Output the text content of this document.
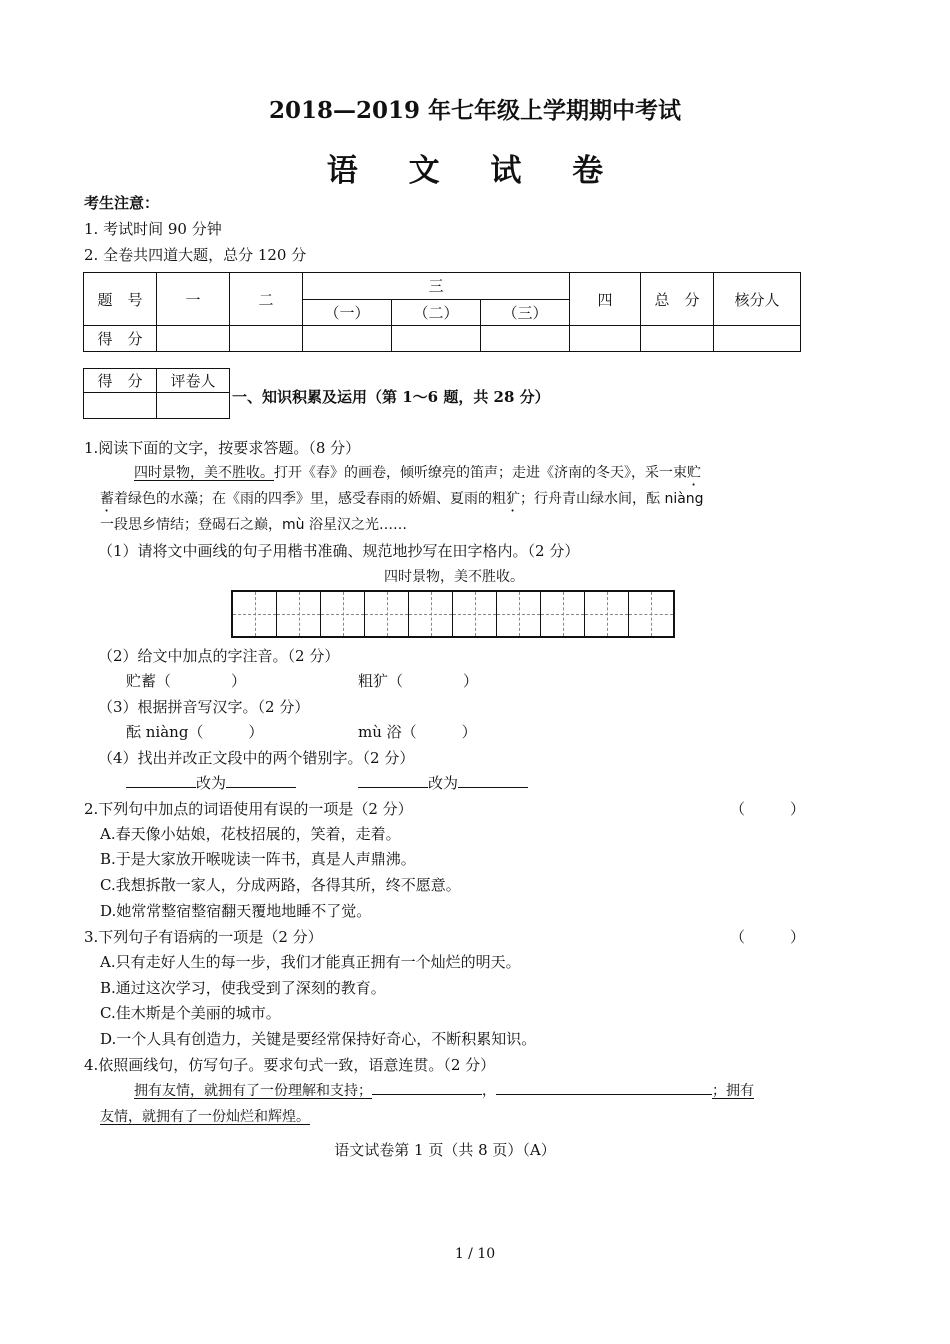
2018—2019 年七年级上学期期中考试
语 文 试 卷
考生注意：
1. 考试时间 90 分钟
2. 全卷共四道大题，总分 120 分
题　号	一	二	三			四	总　分	核分人
			（一）	（二）	（三）			
得　分								
得　分	评卷人

一、知识积累及运用（第 1～6 题，共 28 分）
1.阅读下面的文字，按要求答题。（8 分）
四时景物，美不胜收。打开《春》的画卷，倾听缭亮的笛声；走进《济南的冬天》，采一束贮
蓄着绿色的水藻；在《雨的四季》里，感受春雨的娇媚、夏雨的粗犷；行舟青山绿水间，酝 niàng
一段思乡情结；登碣石之巅，mù 浴星汉之光……
（1）请将文中画线的句子用楷书准确、规范地抄写在田字格内。（2 分）
四时景物，美不胜收。
（2）给文中加点的字注音。（2 分）
贮蓄（　　　　）	粗犷（　　　　）
（3）根据拼音写汉字。（2 分）
酝 niàng（　　　）	mù 浴（　　　）
（4）找出并改正文段中的两个错别字。（2 分）
改为	改为
2.下列句中加点的词语使用有误的一项是（2 分）	（　　　）
A.春天像小姑娘，花枝招展的，笑着，走着。
B.于是大家放开喉咙读一阵书，真是人声鼎沸。
C.我想拆散一家人，分成两路，各得其所，终不愿意。
D.她常常整宿整宿翻天覆地地睡不了觉。
3.下列句子有语病的一项是（2 分）	（　　　）
A.只有走好人生的每一步，我们才能真正拥有一个灿烂的明天。
B.通过这次学习，使我受到了深刻的教育。
C.佳木斯是个美丽的城市。
D.一个人具有创造力，关键是要经常保持好奇心，不断积累知识。
4.依照画线句，仿写句子。要求句式一致，语意连贯。（2 分）
拥有友情，就拥有了一份理解和支持；	，	；拥有
友情，就拥有了一份灿烂和辉煌。
语文试卷第 1 页（共 8 页）（A）
1 / 10
